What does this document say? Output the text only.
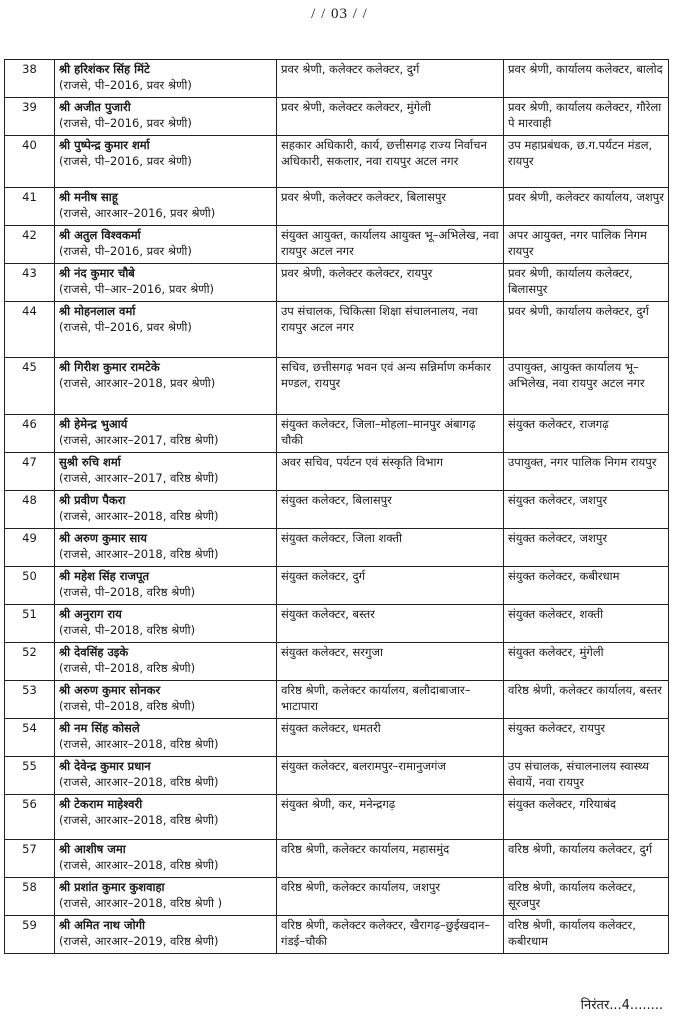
/ / 03 / /
38	श्री हरिशंकर सिंह मिंटे
(राजसे, पी–2016, प्रवर श्रेणी)	प्रवर श्रेणी, कलेक्टर कलेक्टर, दुर्ग	प्रवर श्रेणी, कार्यालय कलेक्टर, बालोद
39	श्री अजीत पुजारी
(राजसे, पी–2016, प्रवर श्रेणी)	प्रवर श्रेणी, कलेक्टर कलेक्टर, मुंगेली	प्रवर श्रेणी, कार्यालय कलेक्टर, गौरेला पे मारवाही
40	श्री पुष्पेन्द्र कुमार शर्मा
(राजसे, पी–2016, प्रवर श्रेणी)	सहकार अधिकारी, कार्य, छत्तीसगढ़ राज्य निर्वाचन अधिकारी, सकलार, नवा रायपुर अटल नगर	उप महाप्रबंधक, छ.ग.पर्यटन मंडल, रायपुर
41	श्री मनीष साहू
(राजसे, आरआर–2016, प्रवर श्रेणी)	प्रवर श्रेणी, कलेक्टर कलेक्टर, बिलासपुर	प्रवर श्रेणी, कलेक्टर कार्यालय, जशपुर
42	श्री अतुल विश्वकर्मा
(राजसे, पी–2016, प्रवर श्रेणी)	संयुक्त आयुक्त, कार्यालय आयुक्त भू–अभिलेख, नवा रायपुर अटल नगर	अपर आयुक्त, नगर पालिक निगम रायपुर
43	श्री नंद कुमार चौबे
(राजसे, पी–आर–2016, प्रवर श्रेणी)	प्रवर श्रेणी, कलेक्टर कलेक्टर, रायपुर	प्रवर श्रेणी, कार्यालय कलेक्टर, बिलासपुर
44	श्री मोहनलाल वर्मा
(राजसे, पी–2016, प्रवर श्रेणी)	उप संचालक, चिकित्सा शिक्षा संचालनालय, नवा रायपुर अटल नगर	प्रवर श्रेणी, कार्यालय कलेक्टर, दुर्ग
45	श्री गिरीश कुमार रामटेके
(राजसे, आरआर–2018, प्रवर श्रेणी)	सचिव, छत्तीसगढ़ भवन एवं अन्य सन्निर्माण कर्मकार मण्डल, रायपुर	उपायुक्त, आयुक्त कार्यालय भू–अभिलेख, नवा रायपुर अटल नगर
46	श्री हेमेन्द्र भुआर्य
(राजसे, आरआर–2017, वरिष्ठ श्रेणी)	संयुक्त कलेक्टर, जिला–मोहला–मानपुर अंबागढ़ चौकी	संयुक्त कलेक्टर, राजगढ़
47	सुश्री रुचि शर्मा
(राजसे, आरआर–2017, वरिष्ठ श्रेणी)	अवर सचिव, पर्यटन एवं संस्कृति विभाग	उपायुक्त, नगर पालिक निगम रायपुर
48	श्री प्रवीण पैकरा
(राजसे, आरआर–2018, वरिष्ठ श्रेणी)	संयुक्त कलेक्टर, बिलासपुर	संयुक्त कलेक्टर, जशपुर
49	श्री अरुण कुमार साय
(राजसे, आरआर–2018, वरिष्ठ श्रेणी)	संयुक्त कलेक्टर, जिला शक्ती	संयुक्त कलेक्टर, जशपुर
50	श्री महेश सिंह राजपूत
(राजसे, पी–2018, वरिष्ठ श्रेणी)	संयुक्त कलेक्टर, दुर्ग	संयुक्त कलेक्टर, कबीरधाम
51	श्री अनुराग राय
(राजसे, पी–2018, वरिष्ठ श्रेणी)	संयुक्त कलेक्टर, बस्तर	संयुक्त कलेक्टर, शक्ती
52	श्री देवसिंह उइके
(राजसे, पी–2018, वरिष्ठ श्रेणी)	संयुक्त कलेक्टर, सरगुजा	संयुक्त कलेक्टर, मुंगेली
53	श्री अरुण कुमार सोनकर
(राजसे, पी–2018, वरिष्ठ श्रेणी)	वरिष्ठ श्रेणी, कलेक्टर कार्यालय, बलौदाबाजार–भाटापारा	वरिष्ठ श्रेणी, कलेक्टर कार्यालय, बस्तर
54	श्री नम सिंह कोसले
(राजसे, आरआर–2018, वरिष्ठ श्रेणी)	संयुक्त कलेक्टर, धमतरी	संयुक्त कलेक्टर, रायपुर
55	श्री देवेन्द्र कुमार प्रधान
(राजसे, आरआर–2018, वरिष्ठ श्रेणी)	संयुक्त कलेक्टर, बलरामपुर–रामानुजगंज	उप संचालक, संचालनालय स्वास्थ्य सेवायें, नवा रायपुर
56	श्री टेकराम माहेश्वरी
(राजसे, आरआर–2018, वरिष्ठ श्रेणी)	संयुक्त श्रेणी, कर, मनेन्द्रगढ़	संयुक्त कलेक्टर, गरियाबंद
57	श्री आशीष जमा
(राजसे, आरआर–2018, वरिष्ठ श्रेणी)	वरिष्ठ श्रेणी, कलेक्टर कार्यालय, महासमुंद	वरिष्ठ श्रेणी, कार्यालय कलेक्टर, दुर्ग
58	श्री प्रशांत कुमार कुशवाहा
(राजसे, आरआर–2018, वरिष्ठ श्रेणी )	वरिष्ठ श्रेणी, कलेक्टर कार्यालय, जशपुर	वरिष्ठ श्रेणी, कार्यालय कलेक्टर, सूरजपुर
59	श्री अमित नाथ जोगी
(राजसे, आरआर–2019, वरिष्ठ श्रेणी)	वरिष्ठ श्रेणी, कलेक्टर कलेक्टर, खैरागढ़–छुईखदान–गंडई–चौकी	वरिष्ठ श्रेणी, कार्यालय कलेक्टर, कबीरधाम
निरंतर...4........
